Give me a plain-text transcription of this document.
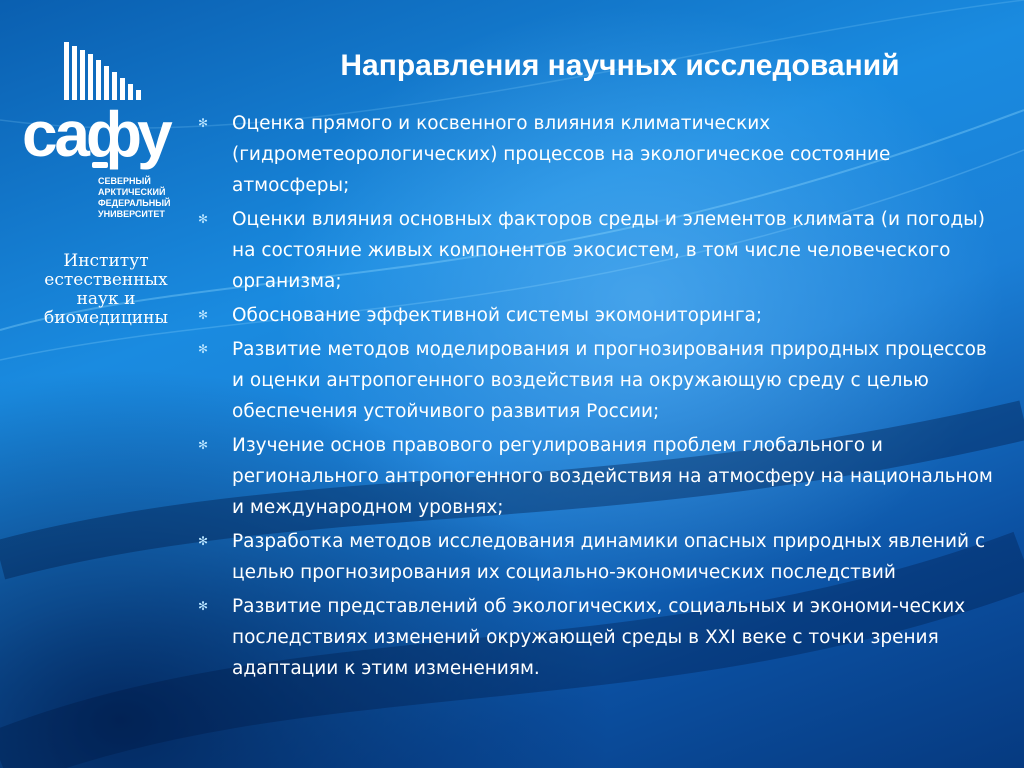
сафу
СЕВЕРНЫЙ
АРКТИЧЕСКИЙ
ФЕДЕРАЛЬНЫЙ
УНИВЕРСИТЕТ
Институт
естественных
наук и
биомедицины
Направления научных исследований
✻ Оценка прямого и косвенного влияния климатических (гидрометеорологических) процессов на экологическое состояние атмосферы;
✻ Оценки влияния основных факторов среды и элементов климата (и погоды) на состояние живых компонентов экосистем, в том числе человеческого организма;
✻ Обоснование эффективной системы экомониторинга;
✻ Развитие методов моделирования и прогнозирования природных процессов и оценки антропогенного воздействия на окружающую среду с целью обеспечения устойчивого развития России;
✻ Изучение основ правового регулирования проблем глобального и регионального антропогенного воздействия на атмосферу на национальном и международном уровнях;
✻ Разработка методов исследования динамики опасных природных явлений с целью прогнозирования их социально-экономических последствий
✻ Развитие представлений об экологических, социальных и экономи-ческих последствиях изменений окружающей среды в XXI веке с точки зрения адаптации к этим изменениям.
